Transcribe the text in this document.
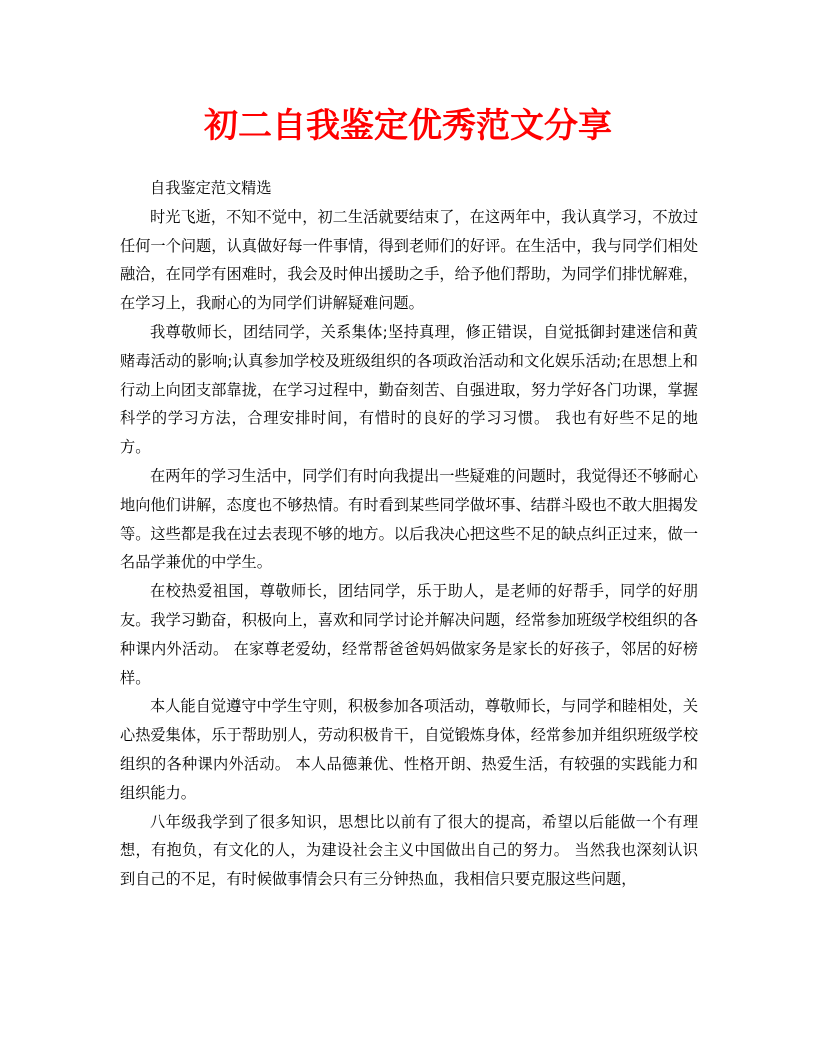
初二自我鉴定优秀范文分享

自我鉴定范文精选

时光飞逝，不知不觉中，初二生活就要结束了，在这两年中，我认真学习，不放过任何一个问题，认真做好每一件事情，得到老师们的好评。在生活中，我与同学们相处融洽，在同学有困难时，我会及时伸出援助之手，给予他们帮助，为同学们排忧解难，在学习上，我耐心的为同学们讲解疑难问题。

我尊敬师长，团结同学，关系集体;坚持真理，修正错误，自觉抵御封建迷信和黄赌毒活动的影响;认真参加学校及班级组织的各项政治活动和文化娱乐活动;在思想上和行动上向团支部靠拢，在学习过程中，勤奋刻苦、自强进取，努力学好各门功课，掌握科学的学习方法，合理安排时间，有惜时的良好的学习习惯。 我也有好些不足的地方。

在两年的学习生活中，同学们有时向我提出一些疑难的问题时，我觉得还不够耐心地向他们讲解，态度也不够热情。有时看到某些同学做坏事、结群斗殴也不敢大胆揭发等。这些都是我在过去表现不够的地方。以后我决心把这些不足的缺点纠正过来，做一名品学兼优的中学生。

在校热爱祖国，尊敬师长，团结同学，乐于助人，是老师的好帮手，同学的好朋友。我学习勤奋，积极向上，喜欢和同学讨论并解决问题，经常参加班级学校组织的各种课内外活动。 在家尊老爱幼，经常帮爸爸妈妈做家务是家长的好孩子，邻居的好榜样。

本人能自觉遵守中学生守则，积极参加各项活动，尊敬师长，与同学和睦相处，关心热爱集体，乐于帮助别人，劳动积极肯干，自觉锻炼身体，经常参加并组织班级学校组织的各种课内外活动。 本人品德兼优、性格开朗、热爱生活，有较强的实践能力和组织能力。

八年级我学到了很多知识，思想比以前有了很大的提高，希望以后能做一个有理想，有抱负，有文化的人，为建设社会主义中国做出自己的努力。 当然我也深刻认识到自己的不足，有时候做事情会只有三分钟热血，我相信只要克服这些问题，
